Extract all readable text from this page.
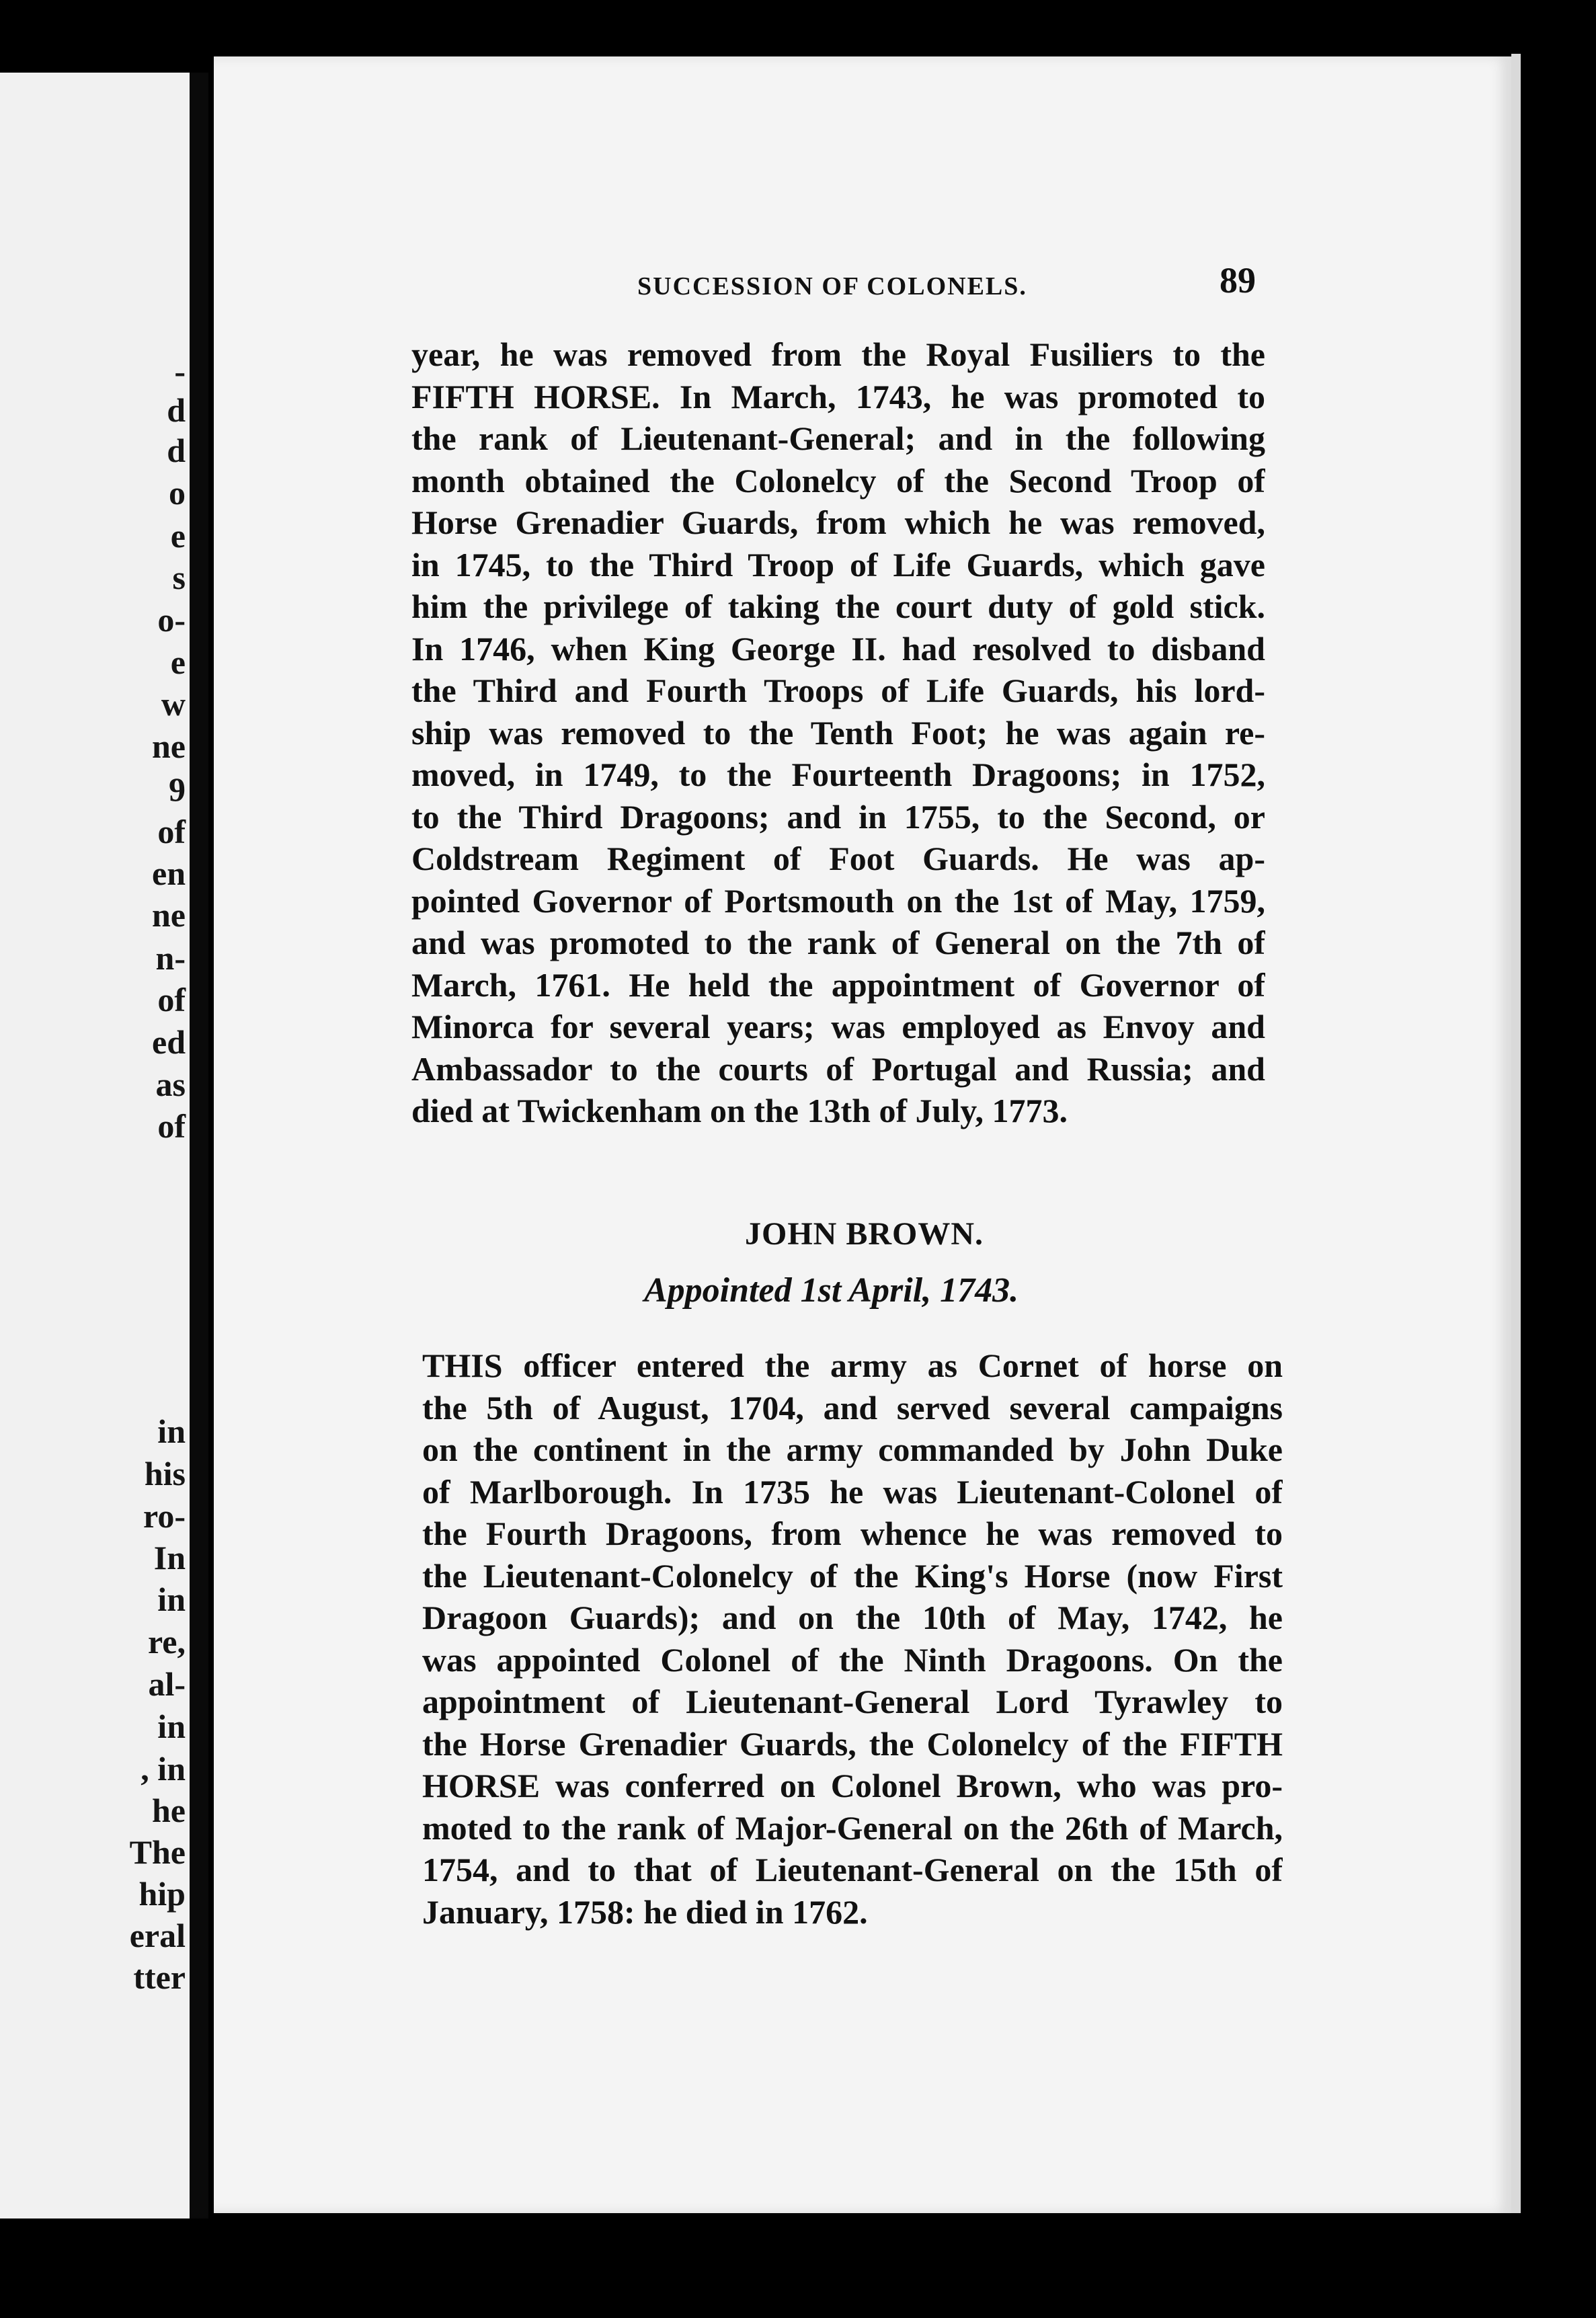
-
d
d
o
e
s
o-
e
w
ne
9
of
en
ne
n-
of
ed
as
of
in
his
ro-
In
in
re,
al-
in
, in
he
The
hip
eral
tter
SUCCESSION OF COLONELS.	89
year, he was removed from the Royal Fusiliers to the
FIFTH HORSE. In March, 1743, he was promoted to
the rank of Lieutenant-General; and in the following
month obtained the Colonelcy of the Second Troop of
Horse Grenadier Guards, from which he was removed,
in 1745, to the Third Troop of Life Guards, which gave
him the privilege of taking the court duty of gold stick.
In 1746, when King George II. had resolved to disband
the Third and Fourth Troops of Life Guards, his lord-
ship was removed to the Tenth Foot; he was again re-
moved, in 1749, to the Fourteenth Dragoons; in 1752,
to the Third Dragoons; and in 1755, to the Second, or
Coldstream Regiment of Foot Guards. He was ap-
pointed Governor of Portsmouth on the 1st of May, 1759,
and was promoted to the rank of General on the 7th of
March, 1761. He held the appointment of Governor of
Minorca for several years; was employed as Envoy and
Ambassador to the courts of Portugal and Russia; and
died at Twickenham on the 13th of July, 1773.
JOHN BROWN.
Appointed 1st April, 1743.
THIS officer entered the army as Cornet of horse on
the 5th of August, 1704, and served several campaigns
on the continent in the army commanded by John Duke
of Marlborough. In 1735 he was Lieutenant-Colonel of
the Fourth Dragoons, from whence he was removed to
the Lieutenant-Colonelcy of the King's Horse (now First
Dragoon Guards); and on the 10th of May, 1742, he
was appointed Colonel of the Ninth Dragoons. On the
appointment of Lieutenant-General Lord Tyrawley to
the Horse Grenadier Guards, the Colonelcy of the FIFTH
HORSE was conferred on Colonel Brown, who was pro-
moted to the rank of Major-General on the 26th of March,
1754, and to that of Lieutenant-General on the 15th of
January, 1758: he died in 1762.
